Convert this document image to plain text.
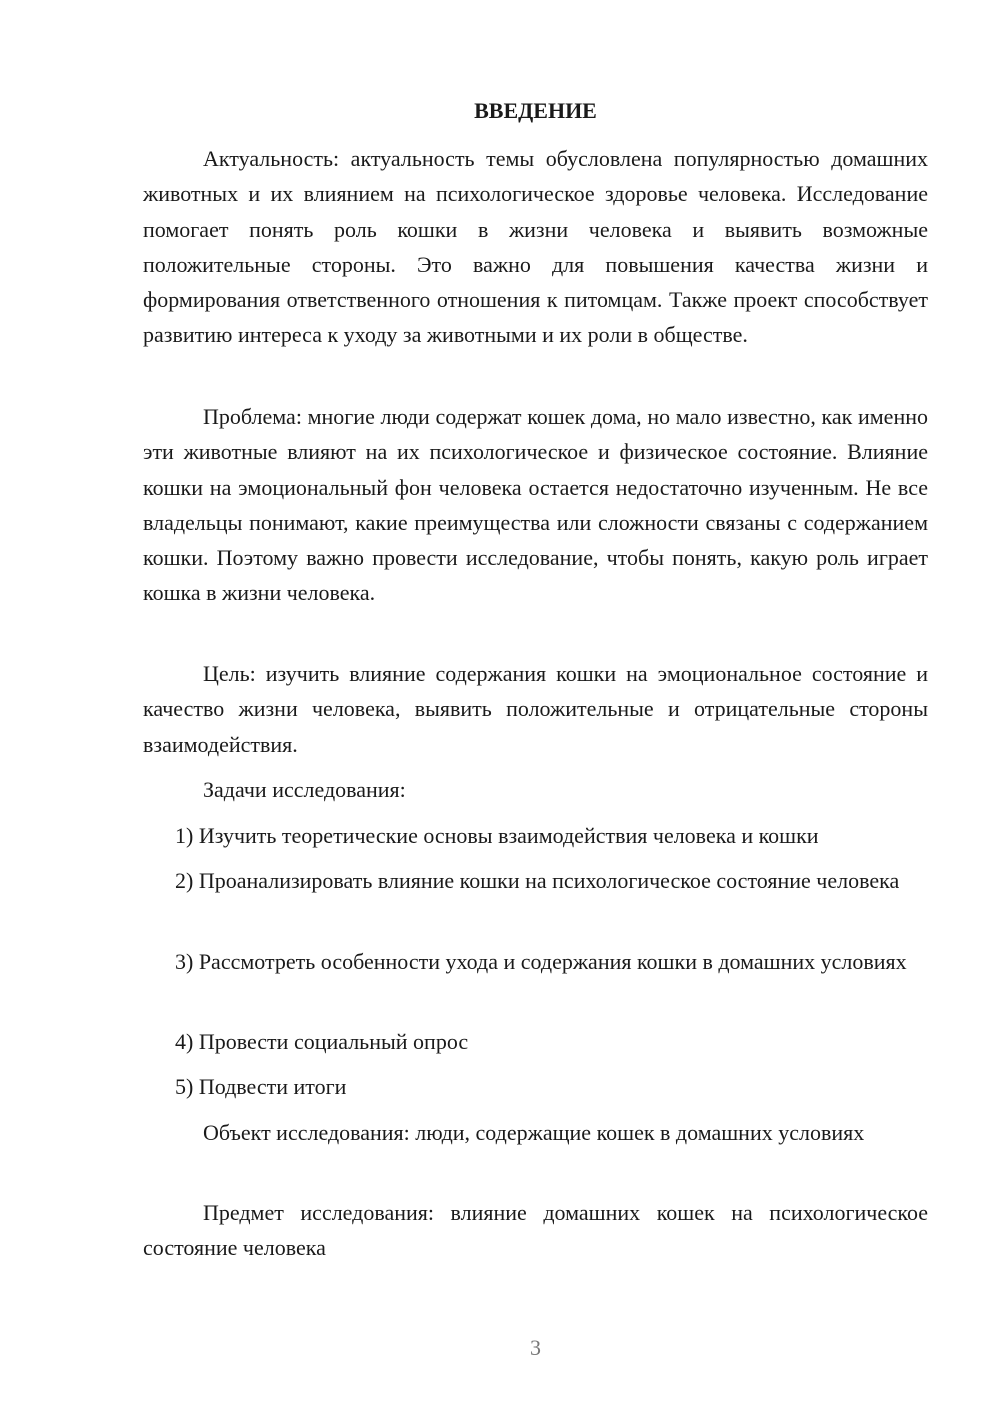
ВВЕДЕНИЕ

Актуальность: актуальность темы обусловлена популярностью домашних животных и их влиянием на психологическое здоровье человека. Исследование помогает понять роль кошки в жизни человека и выявить возможные положительные стороны. Это важно для повышения качества жизни и формирования ответственного отношения к питомцам. Также проект способствует развитию интереса к уходу за животными и их роли в обществе.

Проблема: многие люди содержат кошек дома, но мало известно, как именно эти животные влияют на их психологическое и физическое состояние. Влияние кошки на эмоциональный фон человека остается недостаточно изученным. Не все владельцы понимают, какие преимущества или сложности связаны с содержанием кошки. Поэтому важно провести исследование, чтобы понять, какую роль играет кошка в жизни человека.

Цель: изучить влияние содержания кошки на эмоциональное состояние и качество жизни человека, выявить положительные и отрицательные стороны взаимодействия.

Задачи исследования:

1) Изучить теоретические основы взаимодействия человека и кошки

2) Проанализировать влияние кошки на психологическое состояние человека

3) Рассмотреть особенности ухода и содержания кошки в домашних условиях

4) Провести социальный опрос

5) Подвести итоги

Объект исследования: люди, содержащие кошек в домашних условиях

Предмет исследования: влияние домашних кошек на психологическое состояние человека

3
